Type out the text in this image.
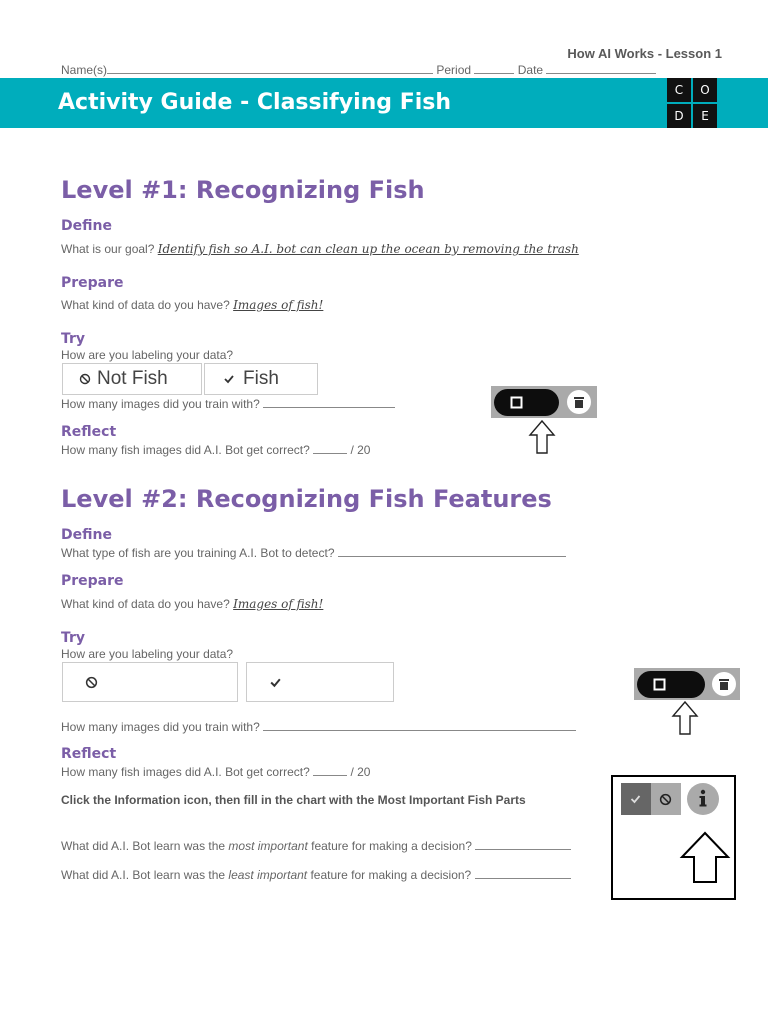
How AI Works - Lesson 1
Name(s)	Period	Date
Activity Guide - Classifying Fish	C	O
D	E
Level #1: Recognizing Fish
Define
What is our goal? Identify fish so A.I. bot can clean up the ocean by removing the trash
Prepare
What kind of data do you have? Images of fish!
Try
How are you labeling your data?
Not Fish	Fish
How many images did you train with?
Reflect
How many fish images did A.I. Bot get correct?	/ 20
Level #2: Recognizing Fish Features
Define
What type of fish are you training A.I. Bot to detect?
Prepare
What kind of data do you have? Images of fish!
Try
How are you labeling your data?
How many images did you train with?
Reflect
How many fish images did A.I. Bot get correct?	/ 20
Click the Information icon, then fill in the chart with the Most Important Fish Parts
What did A.I. Bot learn was the most important feature for making a decision?
What did A.I. Bot learn was the least important feature for making a decision?
